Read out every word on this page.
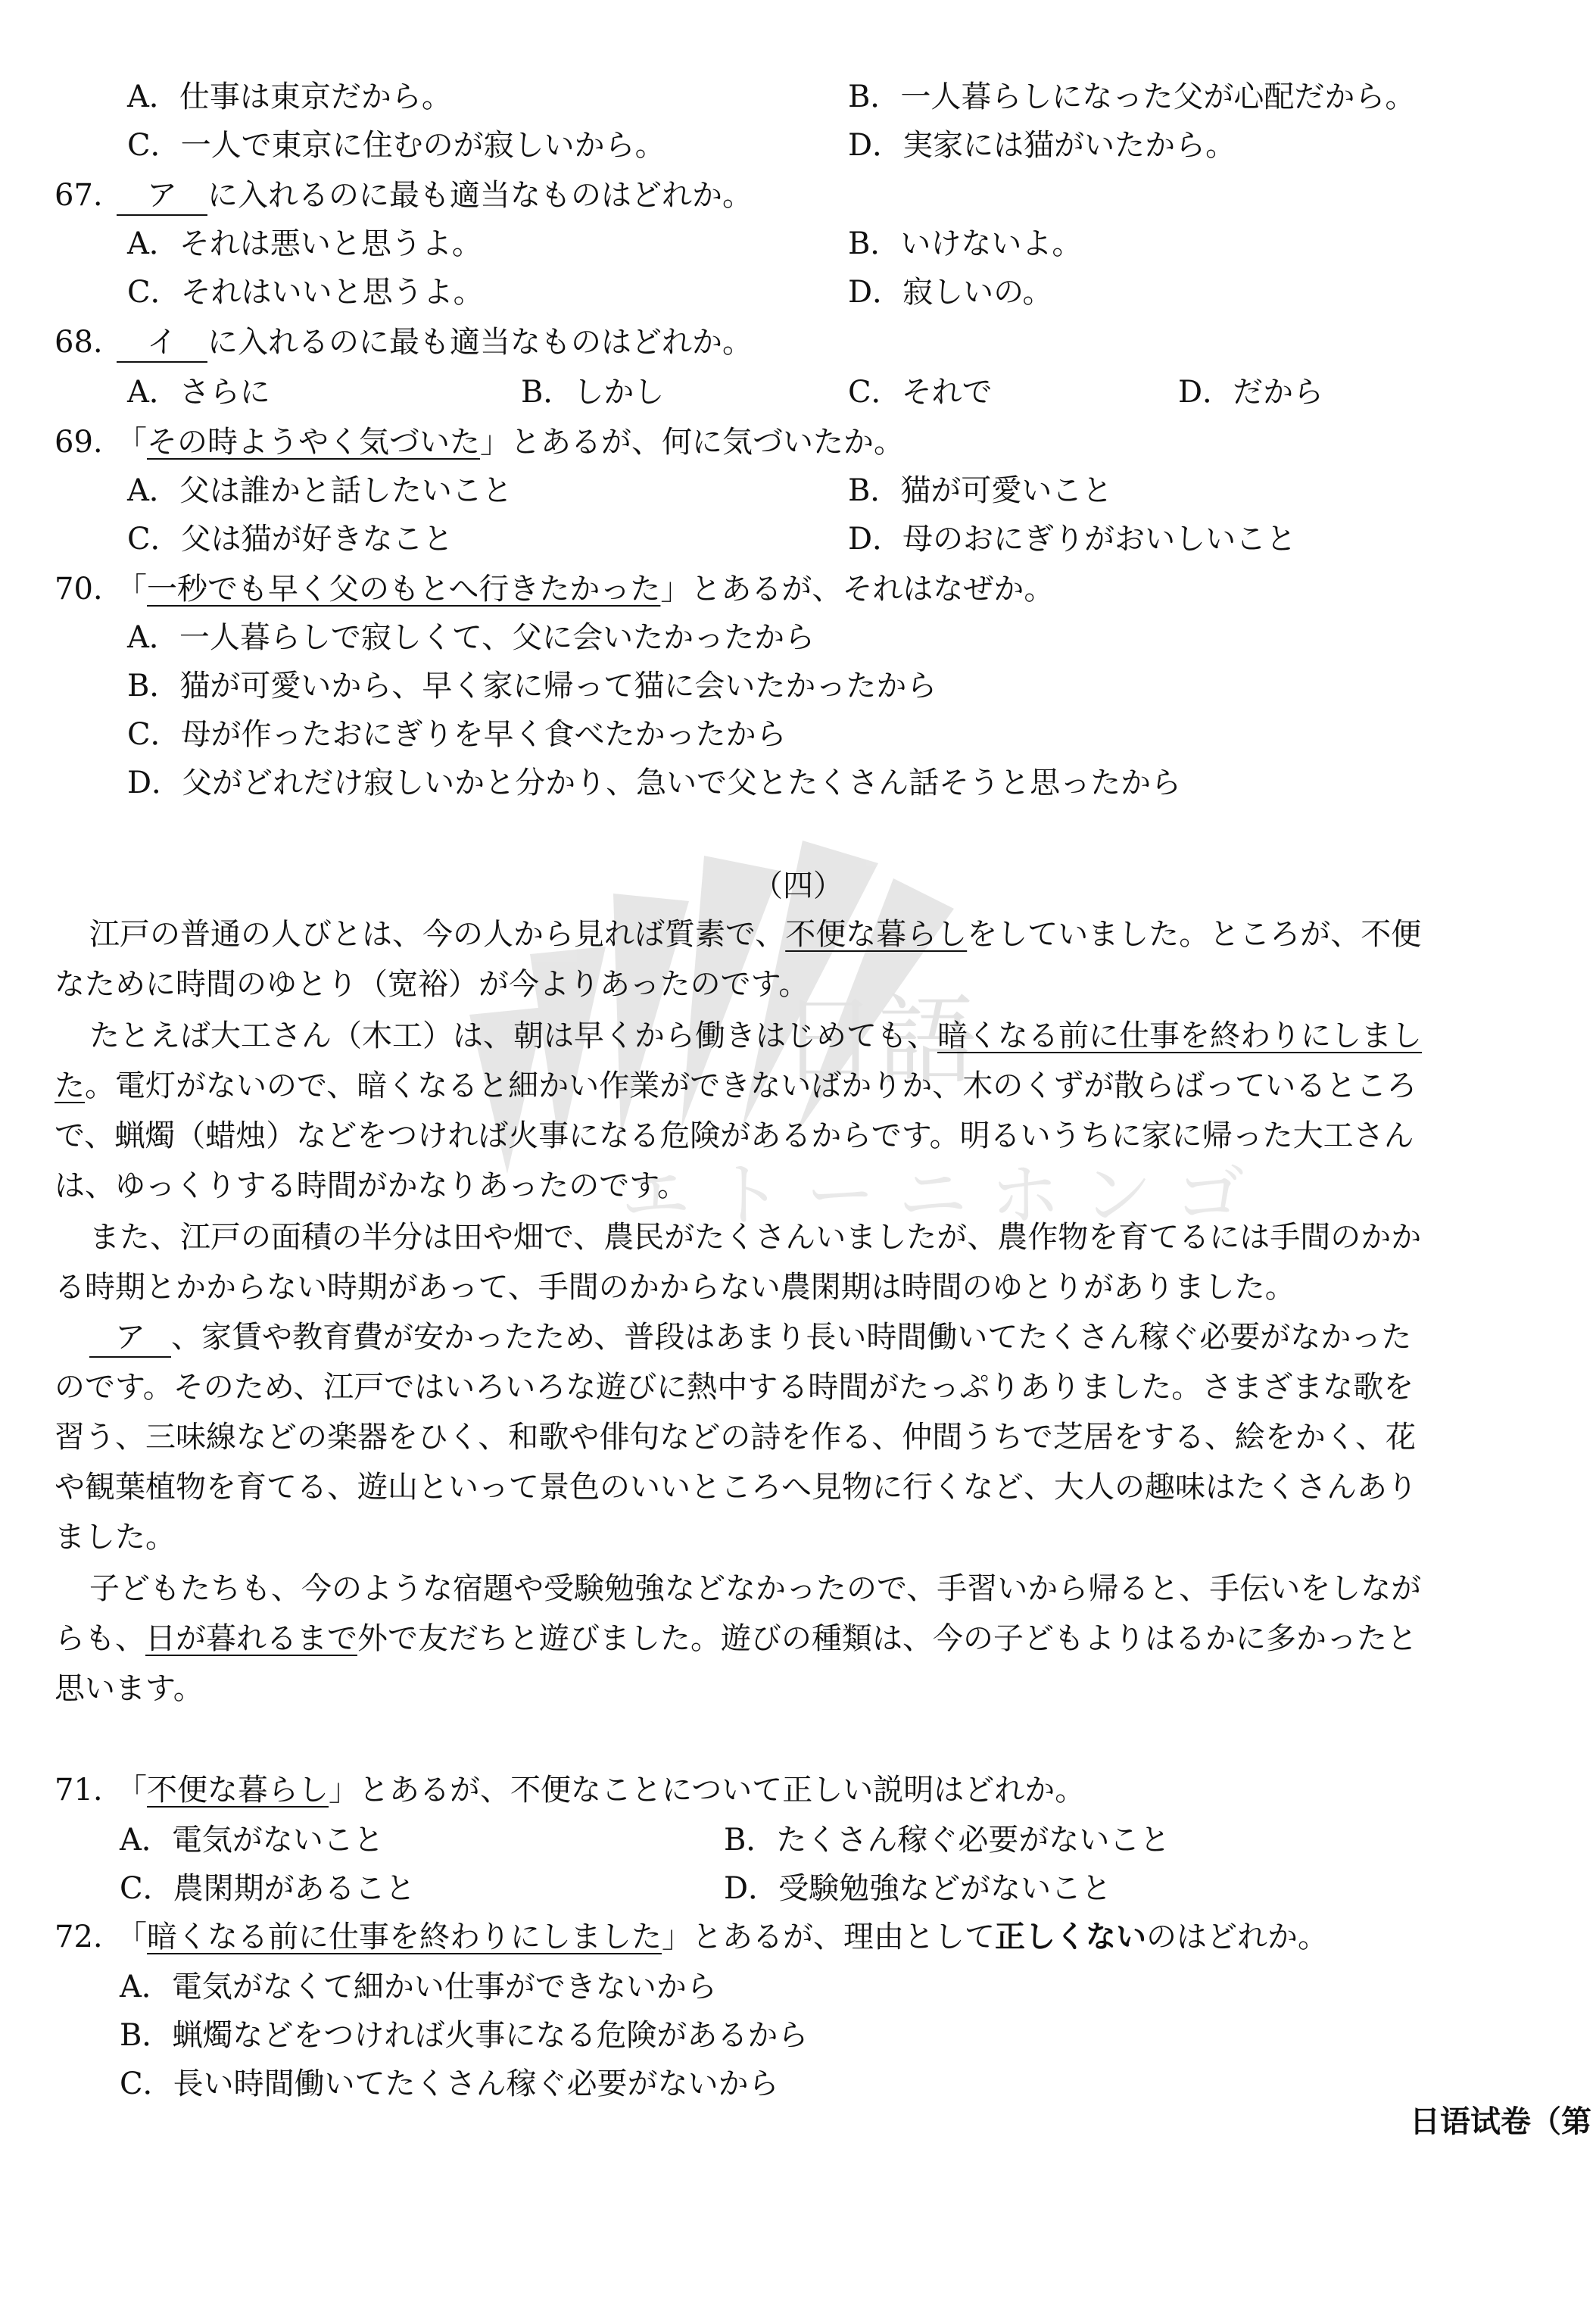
日語
エトーニホンゴ
A．仕事は東京だから。	B．一人暮らしになった父が心配だから。
C．一人で東京に住むのが寂しいから。	D．実家には猫がいたから。
67. ア に入れるのに最も適当なものはどれか。
A．それは悪いと思うよ。	B．いけないよ。
C．それはいいと思うよ。	D．寂しいの。
68. イ に入れるのに最も適当なものはどれか。
A．さらに	B．しかし	C．それで	D．だから
69. 「その時ようやく気づいた」とあるが、何に気づいたか。
A．父は誰かと話したいこと	B．猫が可愛いこと
C．父は猫が好きなこと	D．母のおにぎりがおいしいこと
70. 「一秒でも早く父のもとへ行きたかった」とあるが、それはなぜか。
A．一人暮らしで寂しくて、父に会いたかったから
B．猫が可愛いから、早く家に帰って猫に会いたかったから
C．母が作ったおにぎりを早く食べたかったから
D．父がどれだけ寂しいかと分かり、急いで父とたくさん話そうと思ったから
（四）
江戸の普通の人びとは、今の人から見れば質素で、不便な暮らしをしていました。ところが、不便
なために時間のゆとり（宽裕）が今よりあったのです。
たとえば大工さん（木工）は、朝は早くから働きはじめても、暗くなる前に仕事を終わりにしまし
た。電灯がないので、暗くなると細かい作業ができないばかりか、木のくずが散らばっているところ
で、蝋燭（蜡烛）などをつければ火事になる危険があるからです。明るいうちに家に帰った大工さん
は、ゆっくりする時間がかなりあったのです。
また、江戸の面積の半分は田や畑で、農民がたくさんいましたが、農作物を育てるには手間のかか
る時期とかからない時期があって、手間のかからない農閑期は時間のゆとりがありました。
ア 、家賃や教育費が安かったため、普段はあまり長い時間働いてたくさん稼ぐ必要がなかった
のです。そのため、江戸ではいろいろな遊びに熱中する時間がたっぷりありました。さまざまな歌を
習う、三味線などの楽器をひく、和歌や俳句などの詩を作る、仲間うちで芝居をする、絵をかく、花
や観葉植物を育てる、遊山といって景色のいいところへ見物に行くなど、大人の趣味はたくさんあり
ました。
子どもたちも、今のような宿題や受験勉強などなかったので、手習いから帰ると、手伝いをしなが
らも、日が暮れるまで外で友だちと遊びました。遊びの種類は、今の子どもよりはるかに多かったと
思います。
71. 「不便な暮らし」とあるが、不便なことについて正しい説明はどれか。
A．電気がないこと	B．たくさん稼ぐ必要がないこと
C．農閑期があること	D．受験勉強などがないこと
72. 「暗くなる前に仕事を終わりにしました」とあるが、理由として正しくないのはどれか。
A．電気がなくて細かい仕事ができないから
B．蝋燭などをつければ火事になる危険があるから
C．長い時間働いてたくさん稼ぐ必要がないから
日语试卷（第
